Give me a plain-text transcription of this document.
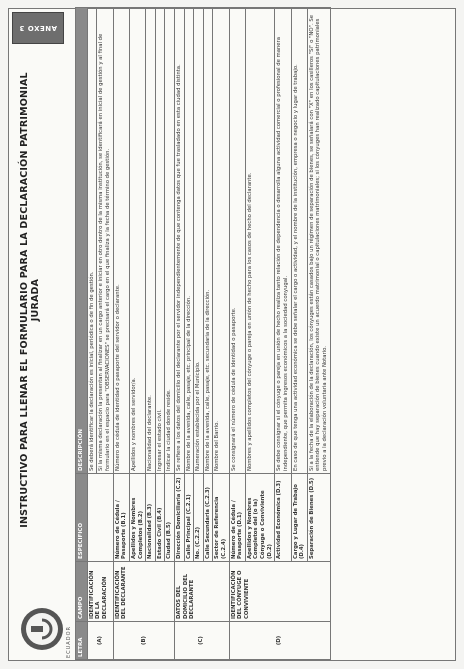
ECUADOR
INSTRUCTIVO PARA LLENAR EL FORMULARIO PARA LA DECLARACIÓN PATRIMONIAL JURADA
ANEXO 3
LETRA	CAMPO	ESPECIFICO	DESCRIPCIÓN
(A)	IDENTIFICACIÓN DE LA DECLARACIÓN		Se deberá identificar la declaración es inicial, periódica o de fin de gestión.
			Si la misma declaración la presentan al finalizar en un cargo anterior e iniciar en otro dentro de la misma institución, se identificará en inicial de gestión y al final de formulario en el espacio para "OBSERVACIONES" se precisará el cargo en el que finaliza y la fecha de término de gestión.
(B)	IDENTIFICACIÓN DEL DECLARANTE	Número de Cédula / Pasaporte (B.1)	Número de cédula de identidad o pasaporte del servidor o declarante.
		Apellidos y Nombres Completos (B.2)	Apellidos y nombres del servidor/a.
		Nacionalidad (B.3)	Nacionalidad del declarante.
		Estado Civil (B.4)	Ingresar el estado civil.
		Ciudad (B.5)	Indicar la ciudad donde reside.
(C)	DATOS DEL DOMICILIO DEL DECLARANTE	Dirección Domiciliaria (C.2)	Se refiere a los datos del domicilio del declarante por el servidor independientemente de que contenga datos que fue trasladado en esta ciudad distinta.
		Calle Principal (C.2.1)	Nombre de la avenida, calle, pasaje, etc. principal de la dirección.
		No. (C.2.2)	Numeración establecida por el Municipio.
		Calle Secundaria (C.2.3)	Nombre de la avenida, calle, pasaje, etc. secundaria de la dirección.
		Sector de Referencia (C.2.4)	Nombre del Barrio.
(D)	IDENTIFICACIÓN DEL CÓNYUGE O CONVIVIENTE	Número de Cédula / Pasaporte (D.1)	Se consignará el número de cédula de identidad o pasaporte.
		Apellidos y Nombres Completos del (o la) Cónyuge o Conviviente (D.2)	Nombres y apellidos completos del cónyuge o pareja en unión de hecho para los casos de hecho del declarante.
		Actividad Económica (D.3)	Se debe consignar si el cónyuge o pareja en unión de hecho realiza tanto relación de dependencia o desarrolla alguna actividad comercial o profesional de manera independiente, que permita ingresos económicos a la sociedad conyugal.
		Cargo y Lugar de Trabajo (D.4)	En caso de que tenga una actividad económica se debe señalar el cargo o actividad, y el nombre de la institución, empresa o negocio y lugar de trabajo.
		Separación de Bienes (D.5)	Si a la fecha de la elaboración de la declaración, los cónyuges están casados bajo un régimen de separación de bienes, se señalará con "X" en los casilleros "SI" o "NO". Se entiende que hay separación de bienes cuando existe un acuerdo matrimonial o capitulaciones matrimoniales; si los cónyuges han realizado capitulaciones patrimoniales previo a la declaración voluntaria ante Notario.
